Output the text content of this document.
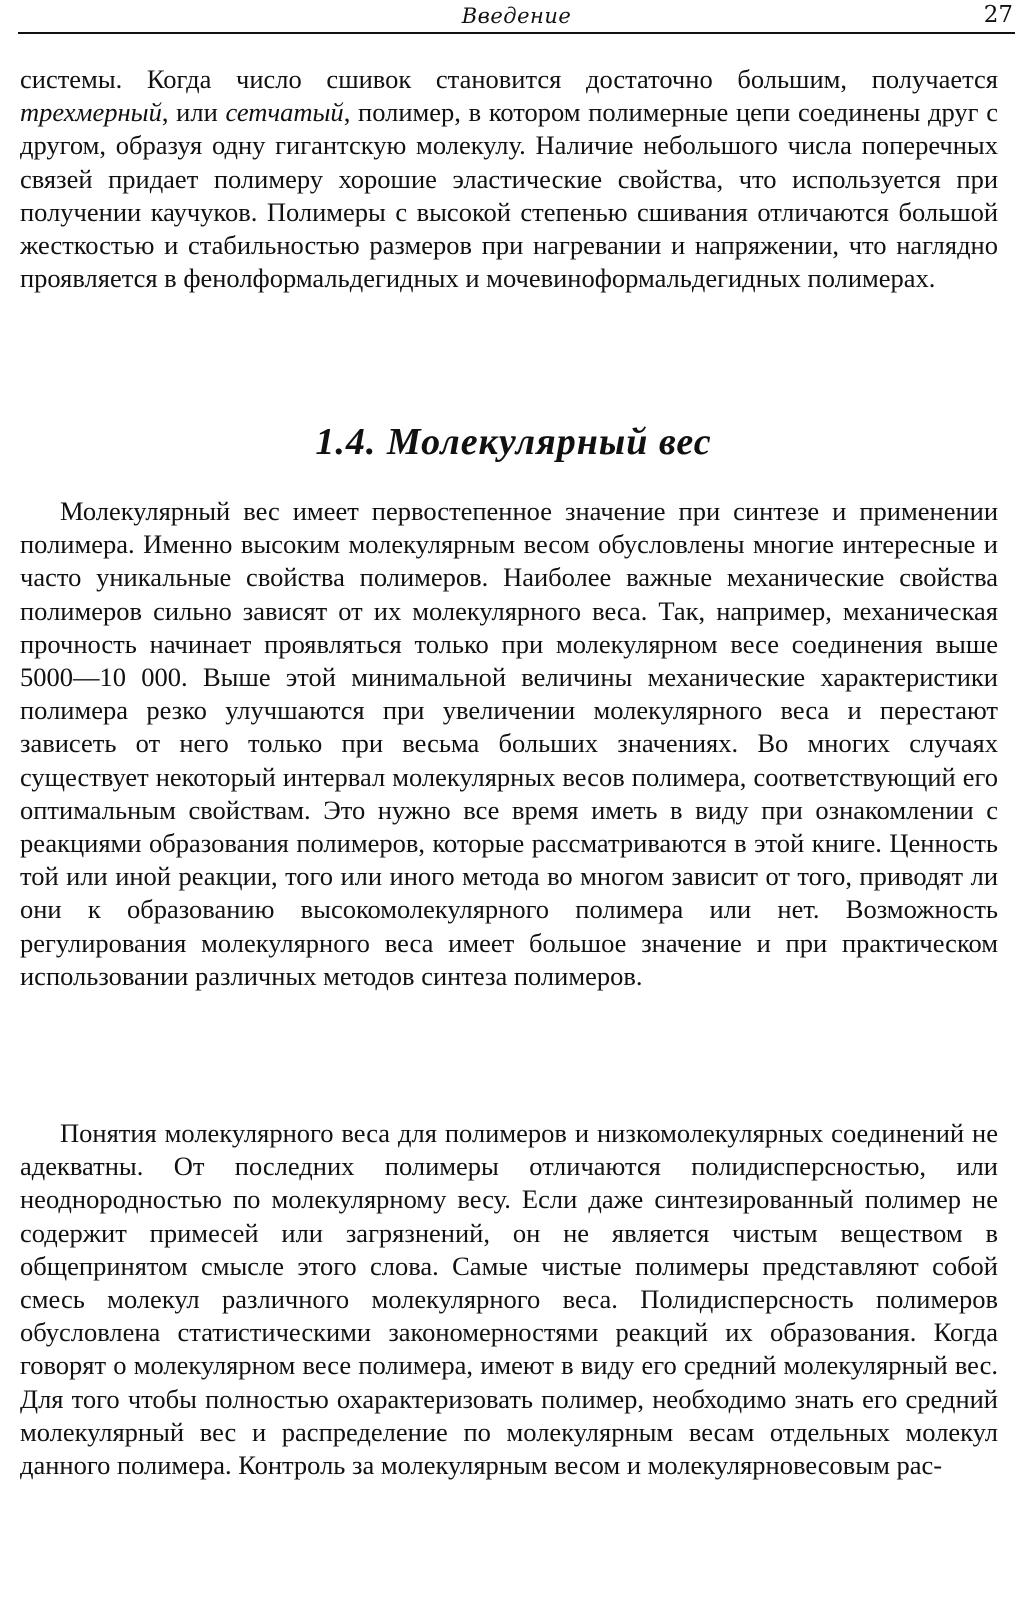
Введение	27

системы. Когда число сшивок становится достаточно большим, получается трехмерный, или сетчатый, полимер, в котором полимерные цепи соединены друг с другом, образуя одну гигантскую молекулу. Наличие небольшого числа поперечных связей придает полимеру хорошие эластические свойства, что используется при получении каучуков. Полимеры с высокой степенью сшивания отличаются большой жесткостью и стабильностью размеров при нагревании и напряжении, что наглядно проявляется в фенолформальдегидных и мочевиноформальдегидных полимерах.

1.4. Молекулярный вес

Молекулярный вес имеет первостепенное значение при синтезе и применении полимера. Именно высоким молекулярным весом обусловлены многие интересные и часто уникальные свойства полимеров. Наиболее важные механические свойства полимеров сильно зависят от их молекулярного веса. Так, например, механическая прочность начинает проявляться только при молекулярном весе соединения выше 5000—10 000. Выше этой минимальной величины механические характеристики полимера резко улучшаются при увеличении молекулярного веса и перестают зависеть от него только при весьма больших значениях. Во многих случаях существует некоторый интервал молекулярных весов полимера, соответствующий его оптимальным свойствам. Это нужно все время иметь в виду при ознакомлении с реакциями образования полимеров, которые рассматриваются в этой книге. Ценность той или иной реакции, того или иного метода во многом зависит от того, приводят ли они к образованию высокомолекулярного полимера или нет. Возможность регулирования молекулярного веса имеет большое значение и при практическом использовании различных методов синтеза полимеров.

Понятия молекулярного веса для полимеров и низкомолекулярных соединений не адекватны. От последних полимеры отличаются полидисперсностью, или неоднородностью по молекулярному весу. Если даже синтезированный полимер не содержит примесей или загрязнений, он не является чистым веществом в общепринятом смысле этого слова. Самые чистые полимеры представляют собой смесь молекул различного молекулярного веса. Полидисперсность полимеров обусловлена статистическими закономерностями реакций их образования. Когда говорят о молекулярном весе полимера, имеют в виду его средний молекулярный вес. Для того чтобы полностью охарактеризовать полимер, необходимо знать его средний молекулярный вес и распределение по молекулярным весам отдельных молекул данного полимера. Контроль за молекулярным весом и молекулярновесовым рас-
